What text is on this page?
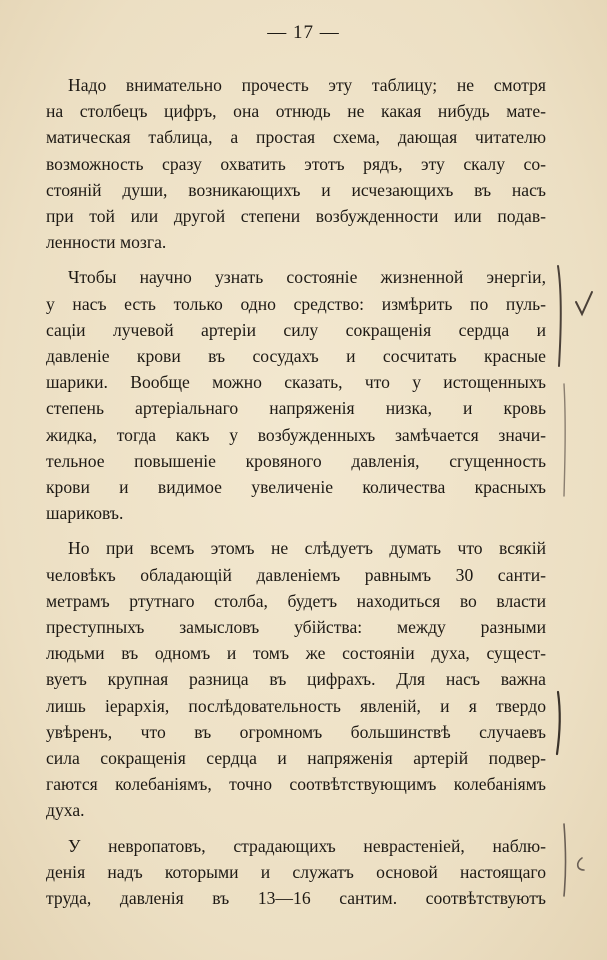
— 17 —
Надо внимательно прочесть эту таблицу; не смотря
на столбецъ цифръ, она отнюдь не какая нибудь мате-
матическая таблица, а простая схема, дающая читателю
возможность сразу охватить этотъ рядъ, эту скалу со-
стояній души, возникающихъ и исчезающихъ въ насъ
при той или другой степени возбужденности или подав-
ленности мозга.
Чтобы научно узнать состояніе жизненной энергіи,
у насъ есть только одно средство: измѣрить по пуль-
саціи лучевой артеріи силу сокращенія сердца и
давленіе крови въ сосудахъ и сосчитать красные
шарики. Вообще можно сказать, что у истощенныхъ
степень артеріальнаго напряженія низка, и кровь
жидка, тогда какъ у возбужденныхъ замѣчается значи-
тельное повышеніе кровяного давленія, сгущенность
крови и видимое увеличеніе количества красныхъ
шариковъ.
Но при всемъ этомъ не слѣдуетъ думать что всякій
человѣкъ обладающій давленіемъ равнымъ 30 санти-
метрамъ ртутнаго столба, будетъ находиться во власти
преступныхъ замысловъ убійства: между разными
людьми въ одномъ и томъ же состояніи духа, сущест-
вуетъ крупная разница въ цифрахъ. Для насъ важна
лишь іерархія, послѣдовательность явленій, и я твердо
увѣренъ, что въ огромномъ большинствѣ случаевъ
сила сокращенія сердца и напряженія артерій подвер-
гаются колебаніямъ, точно соотвѣтствующимъ колебаніямъ
духа.
У невропатовъ, страдающихъ неврастеніей, наблю-
денія надъ которыми и служатъ основой настоящаго
труда, давленія въ 13—16 сантим. соотвѣтствуютъ
